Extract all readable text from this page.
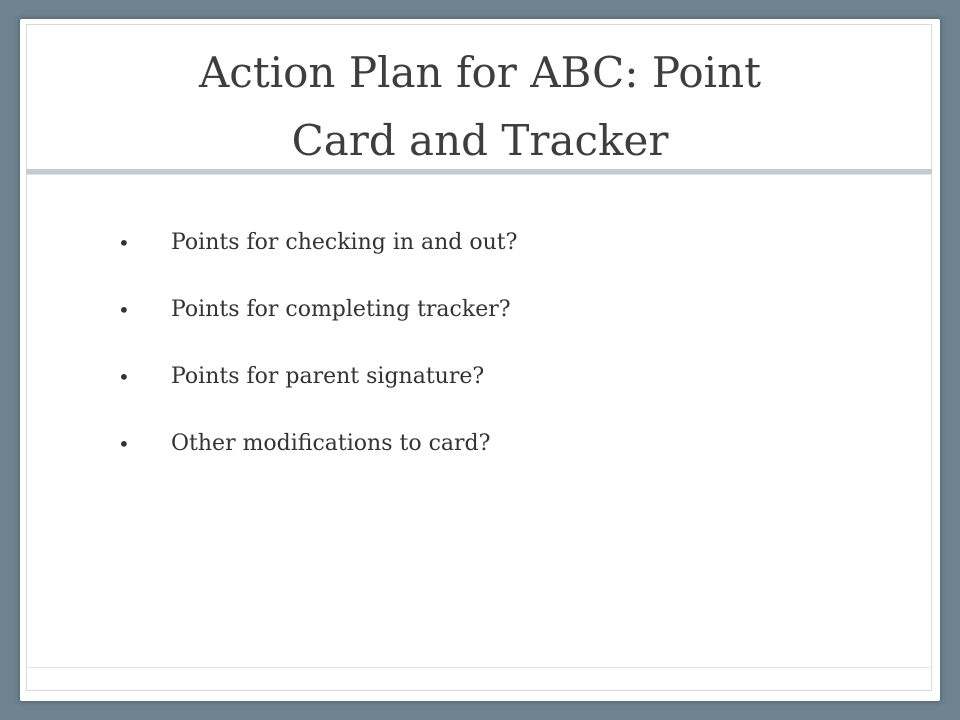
Action Plan for ABC: Point
Card and Tracker
• Points for checking in and out?
• Points for completing tracker?
• Points for parent signature?
• Other modifications to card?
